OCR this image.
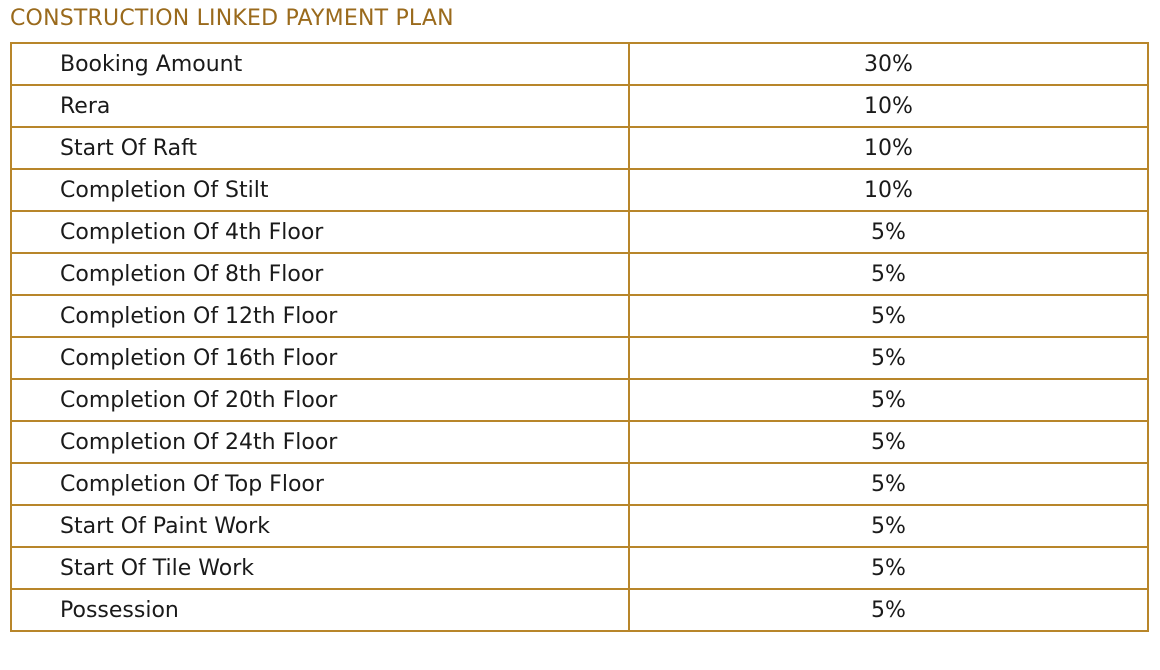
CONSTRUCTION LINKED PAYMENT PLAN
Booking Amount	30%
Rera	10%
Start Of Raft	10%
Completion Of Stilt	10%
Completion Of 4th Floor	5%
Completion Of 8th Floor	5%
Completion Of 12th Floor	5%
Completion Of 16th Floor	5%
Completion Of 20th Floor	5%
Completion Of 24th Floor	5%
Completion Of Top Floor	5%
Start Of Paint Work	5%
Start Of Tile Work	5%
Possession	5%
